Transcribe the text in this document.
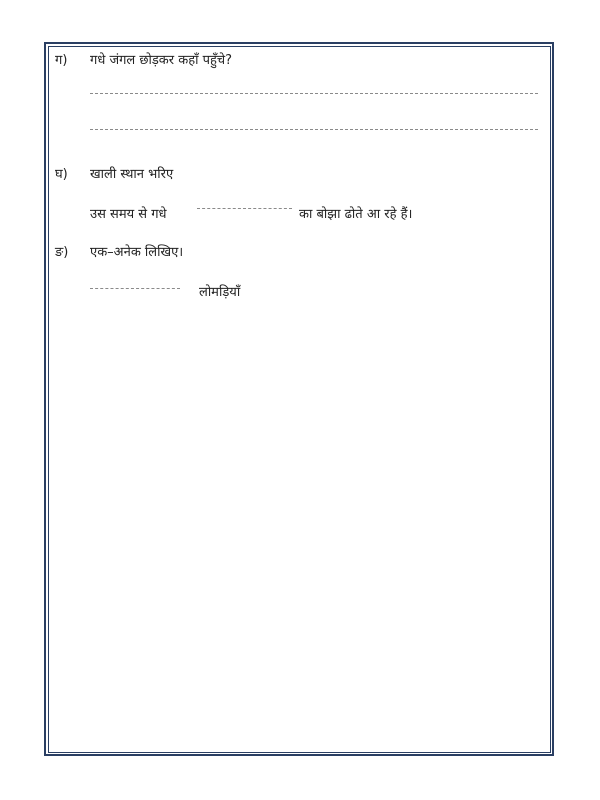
ग) गधे जंगल छोड़कर कहाँ पहुँचे?
घ) खाली स्थान भरिए
उस समय से गधे	का बोझा ढोते आ रहे हैं।
ङ) एक–अनेक लिखिए।
लोमड़ियाँ
